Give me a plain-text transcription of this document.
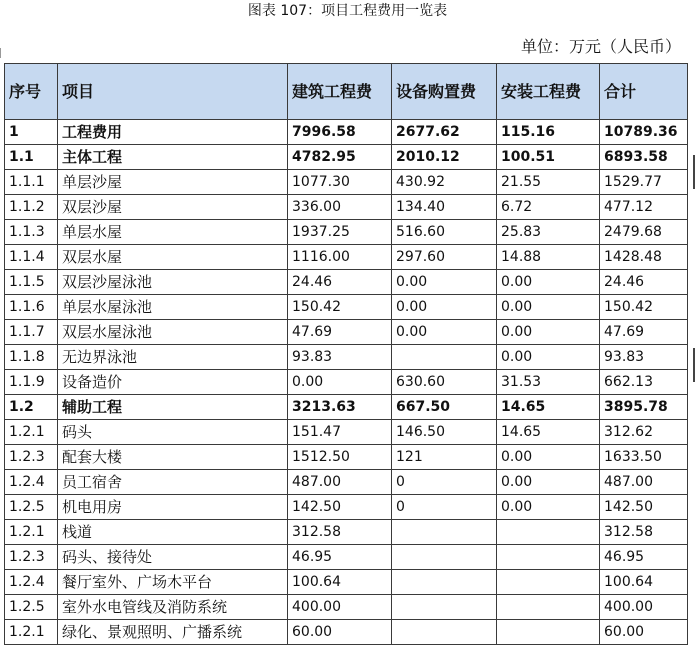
图表 107：项目工程费用一览表
单位：万元（人民币）
序号	项目	建筑工程费	设备购置费	安装工程费	合计
1	工程费用	7996.58	2677.62	115.16	10789.36
1.1	主体工程	4782.95	2010.12	100.51	6893.58
1.1.1	单层沙屋	1077.30	430.92	21.55	1529.77
1.1.2	双层沙屋	336.00	134.40	6.72	477.12
1.1.3	单层水屋	1937.25	516.60	25.83	2479.68
1.1.4	双层水屋	1116.00	297.60	14.88	1428.48
1.1.5	双层沙屋泳池	24.46	0.00	0.00	24.46
1.1.6	单层水屋泳池	150.42	0.00	0.00	150.42
1.1.7	双层水屋泳池	47.69	0.00	0.00	47.69
1.1.8	无边界泳池	93.83		0.00	93.83
1.1.9	设备造价	0.00	630.60	31.53	662.13
1.2	辅助工程	3213.63	667.50	14.65	3895.78
1.2.1	码头	151.47	146.50	14.65	312.62
1.2.3	配套大楼	1512.50	121	0.00	1633.50
1.2.4	员工宿舍	487.00	0	0.00	487.00
1.2.5	机电用房	142.50	0	0.00	142.50
1.2.1	栈道	312.58			312.58
1.2.3	码头、接待处	46.95			46.95
1.2.4	餐厅室外、广场木平台	100.64			100.64
1.2.5	室外水电管线及消防系统	400.00			400.00
1.2.1	绿化、景观照明、广播系统	60.00			60.00
